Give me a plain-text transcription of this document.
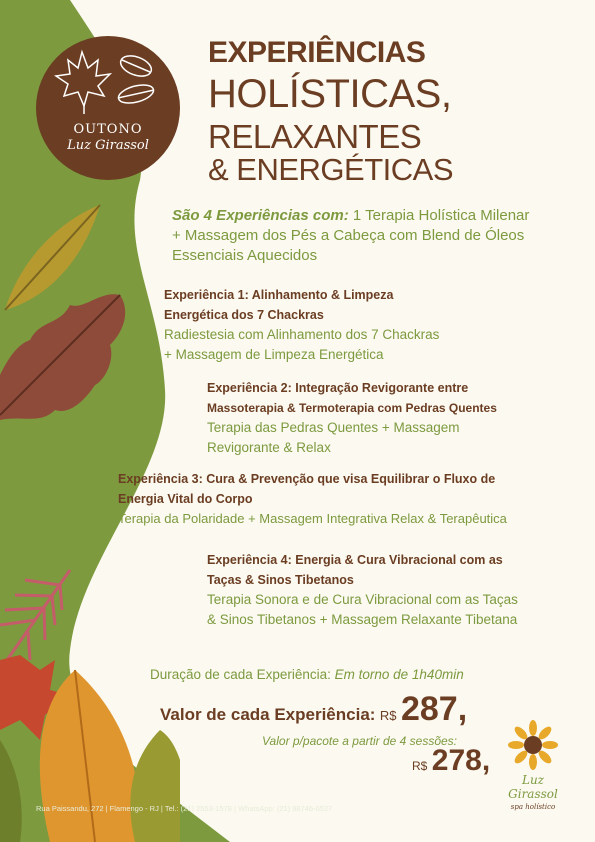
OUTONO
Luz Girassol
EXPERIÊNCIAS
HOLÍSTICAS,
RELAXANTES
& ENERGÉTICAS
São 4 Experiências com: 1 Terapia Holística Milenar
+ Massagem dos Pés a Cabeça com Blend de Óleos
Essenciais Aquecidos
Experiência 1: Alinhamento & Limpeza
Energética dos 7 Chackras
Radiestesia com Alinhamento dos 7 Chackras
+ Massagem de Limpeza Energética
Experiência 2: Integração Revigorante entre
Massoterapia & Termoterapia com Pedras Quentes
Terapia das Pedras Quentes + Massagem
Revigorante & Relax
Experiência 3: Cura & Prevenção que visa Equilibrar o Fluxo de
Energia Vital do Corpo
Terapia da Polaridade + Massagem Integrativa Relax & Terapêutica
Experiência 4: Energia & Cura Vibracional com as
Taças & Sinos Tibetanos
Terapia Sonora e de Cura Vibracional com as Taças
& Sinos Tibetanos + Massagem Relaxante Tibetana
Duração de cada Experiência: Em torno de 1h40min
Valor de cada Experiência: R$ 287,
Valor p/pacote a partir de 4 sessões:
R$ 278,
Luz
Girassol
spa holístico
Rua Paissandu, 272 | Flamengo - RJ | Tel.: (21) 2553-1578 | WhatsApp: (21) 98746-6527
